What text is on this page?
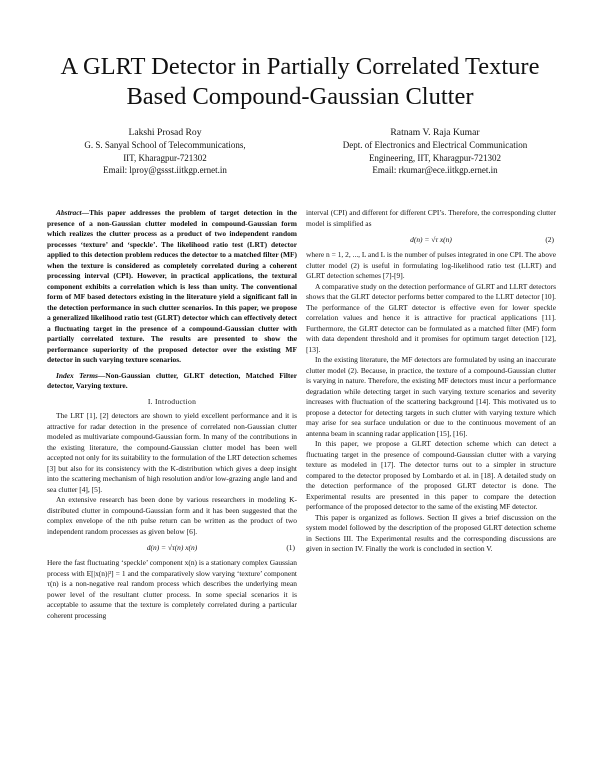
A GLRT Detector in Partially Correlated Texture
Based Compound-Gaussian Clutter
Lakshi Prosad Roy
G. S. Sanyal School of Telecommunications,
IIT, Kharagpur-721302
Email: lproy@gssst.iitkgp.ernet.in
Ratnam V. Raja Kumar
Dept. of Electronics and Electrical Communication
Engineering, IIT, Kharagpur-721302
Email: rkumar@ece.iitkgp.ernet.in

Abstract—This paper addresses the problem of target detection in the presence of a non-Gaussian clutter modeled in compound-Gaussian form which realizes the clutter process as a product of two independent random processes ‘texture’ and ‘speckle’. The likelihood ratio test (LRT) detector applied to this detection problem reduces the detector to a matched filter (MF) when the texture is considered as completely correlated during a coherent processing interval (CPI). However, in practical applications, the textural component exhibits a correlation which is less than unity. The conventional form of MF based detectors existing in the literature yield a significant fall in the detection performance in such clutter scenarios. In this paper, we propose a generalized likelihood ratio test (GLRT) detector which can effectively detect a fluctuating target in the presence of a compound-Gaussian clutter with partially correlated texture. The results are presented to show the performance superiority of the proposed detector over the existing MF detector in such varying texture scenarios.

Index Terms—Non-Gaussian clutter, GLRT detection, Matched Filter detector, Varying texture.

I. Introduction

The LRT [1], [2] detectors are shown to yield excellent performance and it is attractive for radar detection in the presence of correlated non-Gaussian clutter modeled as multivariate compound-Gaussian form. In many of the contributions in the existing literature, the compound-Gaussian clutter model has been well accepted not only for its suitability to the formulation of the LRT detection schemes [3] but also for its consistency with the K-distribution which gives a deep insight into the scattering mechanism of high resolution and/or low-grazing angle land and sea clutter [4], [5].

An extensive research has been done by various researchers in modeling K-distributed clutter in compound-Gaussian form and it has been suggested that the complex envelope of the nth pulse return can be written as the product of two independent random processes as given below [6].

d(n) = √τ(n) x(n)	(1)

Here the fast fluctuating ‘speckle’ component x(n) is a stationary complex Gaussian process with E[|x(n)|²] = 1 and the comparatively slow varying ‘texture’ component τ(n) is a non-negative real random process which describes the underlying mean power level of the resultant clutter process. In some special scenarios it is acceptable to assume that the texture is completely correlated during a particular coherent processing

interval (CPI) and different for different CPI’s. Therefore, the corresponding clutter model is simplified as

d(n) = √τ x(n)	(2)

where n = 1, 2, ..., L and L is the number of pulses integrated in one CPI. The above clutter model (2) is useful in formulating log-likelihood ratio test (LLRT) and GLRT detection schemes [7]-[9].

A comparative study on the detection performance of GLRT and LLRT detectors shows that the GLRT detector performs better compared to the LLRT detector [10]. The performance of the GLRT detector is effective even for lower speckle correlation values and hence it is attractive for practical applications [11]. Furthermore, the GLRT detector can be formulated as a matched filter (MF) form with data dependent threshold and it promises for optimum target detection [12], [13].

In the existing literature, the MF detectors are formulated by using an inaccurate clutter model (2). Because, in practice, the texture of a compound-Gaussian clutter is varying in nature. Therefore, the existing MF detectors must incur a performance degradation while detecting target in such varying texture scenarios and severity increases with fluctuation of the scattering background [14]. This motivated us to propose a detector for detecting targets in such clutter with varying texture which may arise for sea surface undulation or due to the continuous movement of an antenna beam in scanning radar application [15], [16].

In this paper, we propose a GLRT detection scheme which can detect a fluctuating target in the presence of compound-Gaussian clutter with a varying texture as modeled in [17]. The detector turns out to a simpler in structure compared to the detector proposed by Lombardo et al. in [18]. A detailed study on the detection performance of the proposed GLRT detector is done. The Experimental results are presented in this paper to compare the detection performance of the proposed detector to the same of the existing MF detector.

This paper is organized as follows. Section II gives a brief discussion on the system model followed by the description of the proposed GLRT detection scheme in Sections III. The Experimental results and the corresponding discussions are given in section IV. Finally the work is concluded in section V.
